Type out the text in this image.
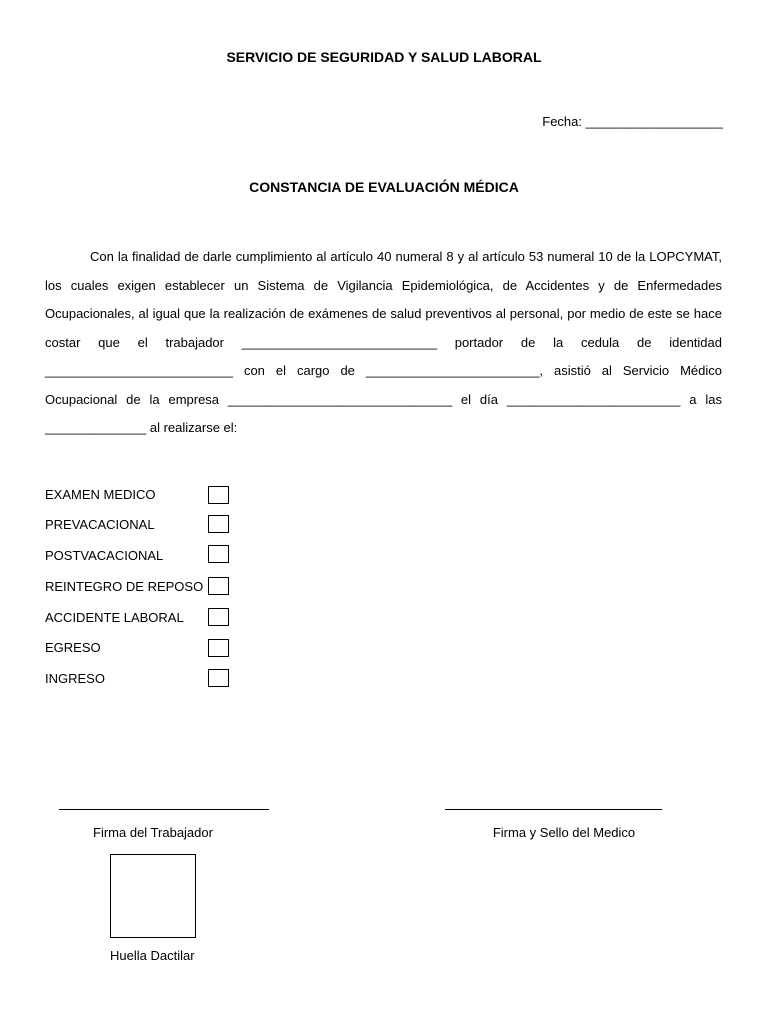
SERVICIO DE SEGURIDAD Y SALUD LABORAL
Fecha: ___________________
CONSTANCIA DE EVALUACIÓN MÉDICA
Con la finalidad de darle cumplimiento al artículo 40 numeral 8 y al artículo 53 numeral 10 de la LOPCYMAT, los cuales exigen establecer un Sistema de Vigilancia Epidemiológica, de Accidentes y de Enfermedades Ocupacionales, al igual que la realización de exámenes de salud preventivos al personal, por medio de este se hace costar que el trabajador ___________________________ portador de la cedula de identidad __________________________ con el cargo de ________________________, asistió al Servicio Médico Ocupacional de la empresa _______________________________ el día ________________________ a las ______________ al realizarse el:
EXAMEN MEDICO
PREVACACIONAL
POSTVACACIONAL
REINTEGRO DE REPOSO
ACCIDENTE LABORAL
EGRESO
INGRESO
Firma del Trabajador	Firma y Sello del Medico
Huella Dactilar
